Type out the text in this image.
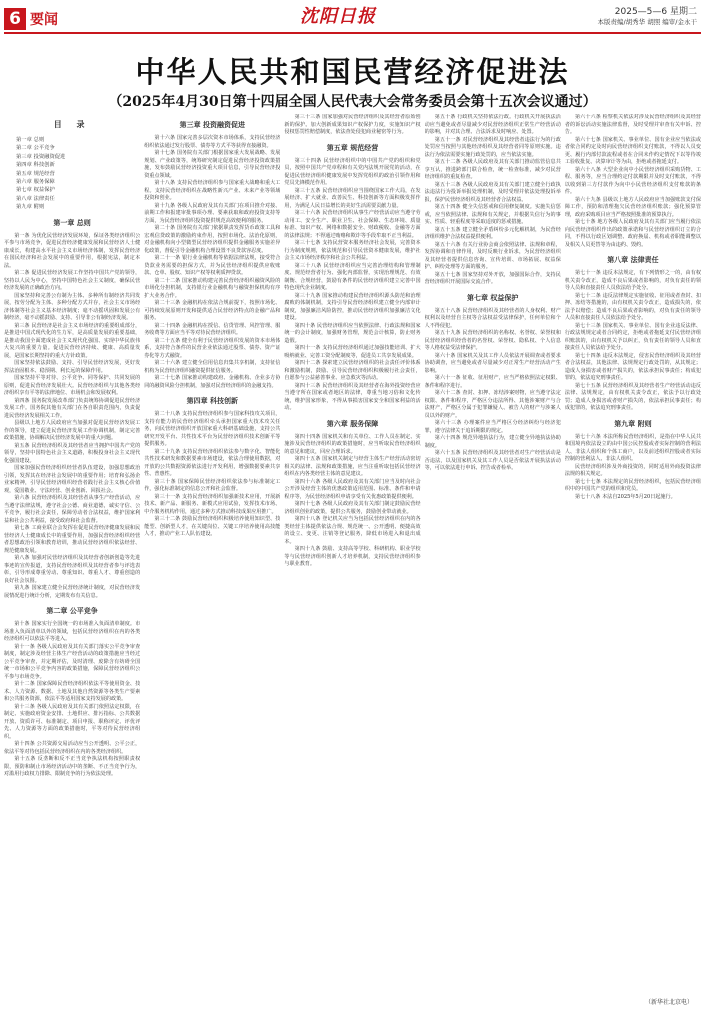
6 要闻	沈阳日报	2025—5—6 星期二
本版责编/胡秀华 胡照 编审/金永干
中华人民共和国民营经济促进法
（2025年4月30日第十四届全国人民代表大会常务委员会第十五次会议通过）
目 录
第一章 总则
第二章 公平竞争
第三章 投资融资促进
第四章 科技创新
第五章 规范经营
第六章 服务保障
第七章 权益保护
第八章 法律责任
第九章 附则
第一章 总则

第一条 为优化民营经济发展环境，保证各类经济组织公平参与市场竞争，促进民营经济健康发展和民营经济人士健康成长，构建高水平社会主义市场经济体制，发挥民营经济在国民经济和社会发展中的重要作用，根据宪法，制定本法。

第二条 促进民营经济发展工作坚持中国共产党的领导，坚持以人民为中心，坚持中国特色社会主义制度，确保民营经济发展的正确政治方向。

国家坚持和完善公有制为主体、多种所有制经济共同发展，按劳分配为主体、多种分配方式并存，社会主义市场经济体制等社会主义基本经济制度；毫不动摇巩固和发展公有制经济，毫不动摇鼓励、支持、引导非公有制经济发展。

第三条 民营经济是社会主义市场经济的重要组成部分，是推进中国式现代化的生力军，是高质量发展的重要基础，是推动我国全面建成社会主义现代化强国、实现中华民族伟大复兴的重要力量。促进民营经济持续、健康、高质量发展，是国家长期坚持的重大方针政策。

国家坚持依法鼓励、支持、引导民营经济发展，更好发挥法治固根本、稳预期、利长远的保障作用。

国家坚持平等对待、公平竞争、同等保护、共同发展的原则，促进民营经济发展壮大。民营经济组织与其他各类经济组织享有平等的法律地位、市场机会和发展权利。

第四条 国务院发展改革部门负责统筹协调促进民营经济发展工作。国务院其他有关部门在各自职责范围内，负责促进民营经济发展相关工作。

县级以上地方人民政府应当加强对促进民营经济发展工作的领导，建立促进民营经济发展工作协调机制，制定完善政策措施，协调解决民营经济发展中的重大问题。

第五条 民营经济组织及其经营者应当拥护中国共产党的领导，坚持中国特色社会主义道路，积极投身社会主义现代化强国建设。

国家加强民营经济组织经营者队伍建设，加强思想政治引领，发挥其在经济社会发展中的重要作用；培育和弘扬企业家精神，引导民营经济组织经营者践行社会主义核心价值观，爱国敬业、守法经营、创业创新、回报社会。

第六条 民营经济组织及其经营者从事生产经营活动，应当遵守法律法规，遵守社会公德、商业道德，诚实守信、公平竞争，履行社会责任，保障劳动者合法权益，维护国家利益和社会公共利益，接受政府和社会监督。

第七条 工商业联合会发挥在促进民营经济健康发展和民营经济人士健康成长中的重要作用，加强民营经济组织经营者思想政治引领和教育培训，推动民营经济组织依法经营、规范健康发展。

第八条 加强对民营经济组织及其经营者创新创造等先进事迹的宣传报道，支持民营经济组织及其经营者参与评选表彰，引导形成尊重劳动、尊重知识、尊重人才、尊重创造的良好社会氛围。

第九条 国家建立健全民营经济统计制度，对民营经济发展情况进行统计分析，定期发布有关信息。

第二章 公平竞争

第十条 国家实行全国统一的市场准入负面清单制度。市场准入负面清单以外的领域，包括民营经济组织在内的各类经济组织可以依法平等进入。

第十一条 各级人民政府及其有关部门落实公平竞争审查制度，制定涉及经营主体生产经营活动的政策措施应当经过公平竞争审查，并定期评估，及时清理、废除含有妨碍全国统一市场和公平竞争内容的政策措施，保障民营经济组织公平参与市场竞争。

第十二条 国家保障民营经济组织依法平等使用资金、技术、人力资源、数据、土地及其他自然资源等各类生产要素和公共服务资源，依法平等适用国家支持发展的政策。

第十三条 各级人民政府及其有关部门依照法定权限，在制定、实施政府资金安排、土地供应、排污指标、公共数据开放、资质许可、标准制定、项目申报、职称评定、评优评先、人力资源等方面的政策措施时，平等对待民营经济组织。

第十四条 公共资源交易活动应当公开透明、公平公正，依法平等对待包括民营经济组织在内的各类经济组织。

第十五条 反垄断和反不正当竞争执法机构按照职责权限，预防和制止市场经济活动中的垄断、不正当竞争行为，对滥用行政权力排除、限制竞争的行为依法处理。

第三章 投资融资促进

第十六条 国家完善多层次资本市场体系，支持民营经济组织依法通过发行股票、债券等方式平等获得直接融资。

第十七条 国务院有关部门根据国家重大发展战略、发展规划、产业政策等，统筹研究制定促进民营经济投资政策措施，发布鼓励民营经济投资重大项目信息，引导民营经济投资重点领域。

第十八条 支持民营经济组织参与国家重大战略和重大工程。支持民营经济组织在战略性新兴产业、未来产业等领域投资和创业。

第十九条 各级人民政府及其有关部门在项目推介对接、前期工作和报建审批事项办理、要素获取和政府投资支持等方面，为民营经济组织投资提供规范高效便利的服务。

第二十条 国务院有关部门依据职责发挥货币政策工具和宏观信贷政策的激励约束作用，按照市场化、法治化原则，对金融机构向小型微型民营经济组织提供金融服务实施差异化政策，督促引导金融机构合理设置不良贷款容忍度。

第二十一条 银行业金融机构等依据法律法规，接受符合贷款业务需要的担保方式，并为民营经济组织提供应收账款、仓单、股权、知识产权等权利质押贷款。

第二十二条 国家推动构建完善民营经济组织融资风险的市场化分担机制，支持银行业金融机构与融资担保机构有序扩大业务合作。

第二十三条 金融机构在依法合规前提下，按照市场化、可持续发展原则开发和提供适合民营经济特点的金融产品和服务。

第二十四条 金融机构在授信、信贷管理、风控管理、服务收费等方面应当平等对待民营经济组织。

第二十五条 健全有利于民营经济组织发展的资本市场体系，支持符合条件的民营企业依法通过股票、债券、资产证券化等方式融资。

第二十六条 建立健全信用信息归集共享机制，支持征信机构为民营经济组织融资提供征信服务。

第二十七条 国家推动构建政府、金融机构、企业多方协同的融资风险分担机制，加强对民营经济组织的金融支持。

第四章 科技创新

第二十八条 支持民营经济组织参与国家科技攻关项目，支持有能力的民营经济组织牵头承担国家重大技术攻关任务，向民营经济组织开放国家重大科研基础设施，支持公共研究开发平台、共性技术平台为民营经济组织技术创新平等提供服务。

第二十九条 支持民营经济组织依法参与数字化、智能化共性技术研发和数据要素市场建设，依法合理使用数据，对开放的公共数据资源依法进行开发利用，增强数据要素共享性、普惠性。

第三十条 国家保障民营经济组织依法参与标准制定工作，强化标准制定的信息公开和社会监督。

第三十一条 支持民营经济组织加强新技术应用，开展新技术、新产品、新服务、新模式应用试验，发挥技术市场、中介服务机构作用，通过多种方式推动科技成果应用推广。

第三十二条 鼓励民营经济组织积极培养使用知识型、技能型、创新型人才，在关键岗位、关键工序培养使用高技能人才，推动产业工人队伍建设。

第三十三条 国家加强对民营经济组织及其经营者原始创新的保护。加大创新成果知识产权保护力度，实施知识产权侵权惩罚性赔偿制度，依法查处侵犯商业秘密等行为。

第五章 规范经营

第三十四条 民营经济组织中的中国共产党的组织和党员，按照中国共产党章程和有关党内法规开展党的活动，在促进民营经济组织健康发展中发挥党组织的政治引领作用和党员先锋模范作用。

第三十五条 民营经济组织应当围绕国家工作大局，在发展经济、扩大就业、改善民生、科技创新等方面积极发挥作用，为满足人民日益增长的美好生活需要贡献力量。

第三十六条 民营经济组织从事生产经营活动应当遵守劳动用工、安全生产、职业卫生、社会保障、生态环境、质量标准、知识产权、网络和数据安全、财政税收、金融等方面的法律法规；不得通过贿赂和欺诈等手段牟取不正当利益。

第三十七条 支持民营资本服务经济社会发展，完善资本行为制度规则，依法规范和引导民营资本健康发展，维护社会主义市场经济秩序和社会公共利益。

第三十八条 民营经济组织应当完善治理结构和管理制度、规范经营者行为、强化内部监督，实现治理规范、有效制衡、合规经营，鼓励有条件的民营经济组织建立完善中国特色现代企业制度。

第三十九条 国家推动构建民营经济组织源头防范和治理腐败的体制机制，支持引导民营经济组织建立健全内部审计制度，加强廉洁风险防控，推动民营经济组织加强廉洁文化建设。

第四十条 民营经济组织应当依照法律、行政法规和国家统一的会计制度，加强财务管理，规范会计核算，防止财务造假。

第四十一条 支持民营经济组织通过加强技能培训、扩大吸纳就业、完善工资分配制度等，促进员工共享发展成果。

第四十二条 探索建立民营经济组织的社会责任评价体系和激励机制，鼓励、引导民营经济组织积极履行社会责任，自愿参与公益慈善事业、应急救灾等活动。

第四十三条 民营经济组织及其经营者在海外投资经营应当遵守所在国家或者地区的法律，尊重当地习俗和文化传统，维护国家形象，不得从事损害国家安全和国家利益的活动。

第六章 服务保障

第四十四条 国家机关和有关单位、工作人员在制定、实施涉及民营经济组织的政策措施时，应当听取民营经济组织的意见和建议，回应合理诉求。

第四十五条 国家机关制定与经营主体生产经营活动密切相关的法律、法规和政策措施，应当注重听取包括民营经济组织在内各类经营主体的意见建议。

第四十六条 各级人民政府及其有关部门应当及时向社会公开涉及经营主体的优惠政策适用范围、标准、条件和申请程序等，为民营经济组织申请享受有关优惠政策提供便利。

第四十七条 各级人民政府及其有关部门制定鼓励民营经济组织创业的政策，提供公共服务，鼓励创业带动就业。

第四十八条 登记机关应当为包括民营经济组织在内的各类经营主体提供依法合规、规范统一、公开透明、便捷高效的设立、变更、注销等登记服务，降低市场进入和退出成本。

第四十九条 鼓励、支持高等学校、科研机构、职业学校等与民营经济组织创新人才培养机制，支持民营经济组织参与职业教育。

第五十条 行政机关坚持依法行政。行政机关开展执法活动应当避免或者尽量减少对民营经济组织正常生产经营活动的影响，并对其合理、合法诉求及时响应、处置。

第五十一条 对民营经济组织及其经营者违法行为的行政处罚应当按照与其他经济组织及其经营者同等原则实施。违法行为依法需要实施行政处罚的，应当依法实施。

第五十二条 各级人民政府及其有关部门推动监管信息共享互认，推进跨部门联合检查，统一检查标准，减少对民营经济组织的重复检查。

第五十三条 各级人民政府及其有关部门建立健全行政执法违法行为投诉举报处理机制，及时受理并依法处理投诉举报，保护民营经济组织及其经营者合法权益。

第五十四条 健全失信惩戒和信用修复制度。实施失信惩戒，应当依照法律、法规和有关规定，并根据失信行为的事实、性质、轻重程度等采取适度的惩戒措施。

第五十五条 建立健全矛盾纠纷多元化解机制，为民营经济组织维护合法权益提供便利。

第五十六条 有关行业协会商会依照法律、法规和章程，发挥协调和自律作用，及时反映行业诉求，为民营经济组织及其经营者提供信息咨询、宣传培训、市场拓展、权益保护、纠纷处理等方面的服务。

第五十七条 国家坚持对外开放，加强国际合作，支持民营经济组织开展国际交流合作。

第七章 权益保护

第五十八条 民营经济组织及其经营者的人身权利、财产权利以及经营自主权等合法权益受法律保护，任何单位和个人不得侵犯。

第五十九条 民营经济组织的名称权、名誉权、荣誉权和民营经济组织经营者的名誉权、荣誉权、隐私权、个人信息等人格权益受法律保护。

第六十条 国家机关及其工作人员依法开展调查或者要求协助调查，应当避免或者尽量减少对正常生产经营活动产生影响。

第六十一条 征收、征用财产，应当严格依照法定权限、条件和程序进行。

第六十二条 查封、扣押、冻结涉案财物，应当遵守法定权限、条件和程序，严格区分违法所得、其他涉案财产与合法财产，严格区分属于犯罪嫌疑人、被告人的财产与涉案人员以外的财产。

第六十三条 办理案件应当严格区分经济纠纷与经济犯罪，遵守法律关于追诉期限的规定。

第六十四条 规范异地执法行为，建立健全异地执法协助制度。

第六十五条 民营经济组织及其经营者对生产经营活动是否违法，以及国家机关及其工作人员是否依法开展执法活动等，可以依法进行申诉、控告或者检举。

第六十六条 检察机关依法对涉及民营经济组织及其经营者的诉讼活动实施法律监督，及时受理并审查有关申诉、控告。

第六十七条 国家机关、事业单位、国有企业应当依法或者依合同约定及时向民营经济组织支付账款，不得以人员变更、履行内部付款流程或者在合同未作约定情况下以等待竣工验收批复、决算审计等为由，拒绝或者拖延支付。

第六十八条 大型企业向中小民营经济组织采购货物、工程、服务等，应当合理约定付款期限并及时支付账款，不得以收到第三方付款作为向中小民营经济组织支付账款的条件。

第六十九条 县级以上地方人民政府应当加强账款支付保障工作，预防和清理拖欠民营经济组织账款；强化预算管理，政府采购项目应当严格按照批准的预算执行。

第七十条 地方各级人民政府及其有关部门应当履行依法向民营经济组织作出的政策承诺和与民营经济组织订立的合同，不得以行政区划调整、政府换届、机构或者职能调整以及相关人员更替等为由违约、毁约。

第八章 法律责任

第七十一条 违反本法规定，有下列情形之一的，由有权机关责令改正，造成不良后果或者影响的，对负有责任的领导人员和直接责任人员依法给予处分。

第七十二条 违反法律规定实施征收、征用或者查封、扣押、冻结等措施的，由有权机关责令改正，造成损失的，依法予以赔偿；造成不良后果或者影响的，对负有责任的领导人员和直接责任人员依法给予处分。

第七十三条 国家机关、事业单位、国有企业违反法律、行政法规规定或者合同约定，拒绝或者拖延支付民营经济组织账款的，由有权机关予以纠正，负有责任的领导人员和直接责任人员依法给予处分。

第七十四条 违反本法规定，侵害民营经济组织及其经营者合法权益，其他法律、法规规定行政处罚的，从其规定；造成人身损害或者财产损失的，依法承担民事责任；构成犯罪的，依法追究刑事责任。

第七十五条 民营经济组织及其经营者生产经营活动违反法律、法规规定，由有权机关责令改正，依法予以行政处罚；造成人身损害或者财产损失的，依法承担民事责任；构成犯罪的，依法追究刑事责任。

第九章 附则

第七十六条 本法所称民营经济组织，是指在中华人民共和国境内依法设立的由中国公民控股或者实际控制的营利法人、非法人组织和个体工商户，以及前述组织控股或者实际控制的营利法人、非法人组织。

民营经济组织涉及外商投资的，同时适用外商投资法律法规的相关规定。

第七十七条 本法规定的民营经济组织，包括民营经济组织中的中国共产党的组织和党员。

第七十八条 本法自2025年5月20日起施行。

（新华社北京电）
